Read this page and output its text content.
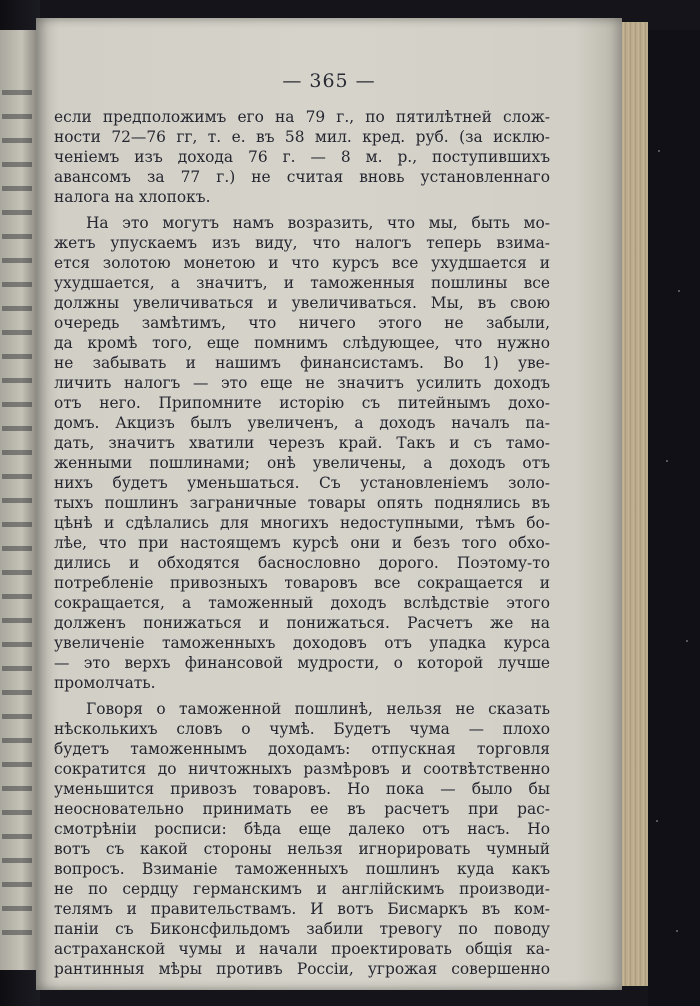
— 365 —
если предположимъ его на 79 г., по пятилѣтней слож-
ности 72—76 гг, т. е. въ 58 мил. кред. руб. (за исклю-
ченіемъ изъ дохода 76 г. — 8 м. р., поступившихъ
авансомъ за 77 г.) не считая вновь установленнаго
налога на хлопокъ.
На это могутъ намъ возразить, что мы, быть мо-
жетъ упускаемъ изъ виду, что налогъ теперь взима-
ется золотою монетою и что курсъ все ухудшается и
ухудшается, а значитъ, и таможенныя пошлины все
должны увеличиваться и увеличиваться. Мы, въ свою
очередь замѣтимъ, что ничего этого не забыли,
да кромѣ того, еще помнимъ слѣдующее, что нужно
не забывать и нашимъ финансистамъ. Во 1) уве-
личить налогъ — это еще не значитъ усилить доходъ
отъ него. Припомните исторію съ питейнымъ дохо-
домъ. Акцизъ былъ увеличенъ, а доходъ началъ па-
дать, значитъ хватили черезъ край. Такъ и съ тамо-
женными пошлинами; онѣ увеличены, а доходъ отъ
нихъ будетъ уменьшаться. Съ установленіемъ золо-
тыхъ пошлинъ заграничные товары опять поднялись въ
цѣнѣ и сдѣлались для многихъ недоступными, тѣмъ бо-
лѣе, что при настоящемъ курсѣ они и безъ того обхо-
дились и обходятся баснословно дорого. Поэтому-то
потребленіе привозныхъ товаровъ все сокращается и
сокращается, а таможенный доходъ вслѣдствіе этого
долженъ понижаться и понижаться. Расчетъ же на
увеличеніе таможенныхъ доходовъ отъ упадка курса
— это верхъ финансовой мудрости, о которой лучше
промолчать.
Говоря о таможенной пошлинѣ, нельзя не сказать
нѣсколькихъ словъ о чумѣ. Будетъ чума — плохо
будетъ таможеннымъ доходамъ: отпускная торговля
сократится до ничтожныхъ размѣровъ и соотвѣтственно
уменьшится привозъ товаровъ. Но пока — было бы
неосновательно принимать ее въ расчетъ при рас-
смотрѣніи росписи: бѣда еще далеко отъ насъ. Но
вотъ съ какой стороны нельзя игнорировать чумный
вопросъ. Взиманіе таможенныхъ пошлинъ куда какъ
не по сердцу германскимъ и англійскимъ производи-
телямъ и правительствамъ. И вотъ Бисмаркъ въ ком-
паніи съ Биконсфильдомъ забили тревогу по поводу
астраханской чумы и начали проектировать общія ка-
рантинныя мѣры противъ Россіи, угрожая совершенно
